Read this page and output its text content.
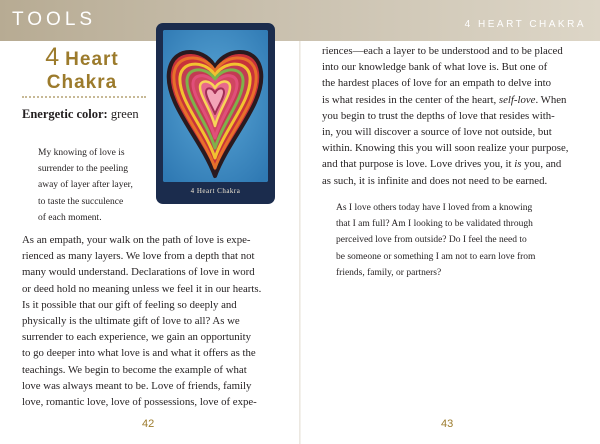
TOOLS	4 HEART CHAKRA
4 Heart
Chakra
Energetic color: green
My knowing of love is
surrender to the peeling
away of layer after layer,
to taste the succulence
of each moment.
4 Heart Chakra

As an empath, your walk on the path of love is expe-

rienced as many layers. We love from a depth that not

many would understand. Declarations of love in word

or deed hold no meaning unless we feel it in our hearts.

Is it possible that our gift of feeling so deeply and

physically is the ultimate gift of love to all? As we

surrender to each experience, we gain an opportunity

to go deeper into what love is and what it offers as the

teachings. We begin to become the example of what

love was always meant to be. Love of friends, family

love, romantic love, love of possessions, love of expe-

42

riences—each a layer to be understood and to be placed

into our knowledge bank of what love is. But one of

the hardest places of love for an empath to delve into

is what resides in the center of the heart, self-love. When

you begin to trust the depths of love that resides with-

in, you will discover a source of love not outside, but

within. Knowing this you will soon realize your purpose,

and that purpose is love. Love drives you, it is you, and

as such, it is infinite and does not need to be earned.

As I love others today have I loved from a knowing
that I am full? Am I looking to be validated through
perceived love from outside? Do I feel the need to
be someone or something I am not to earn love from
friends, family, or partners?
43
